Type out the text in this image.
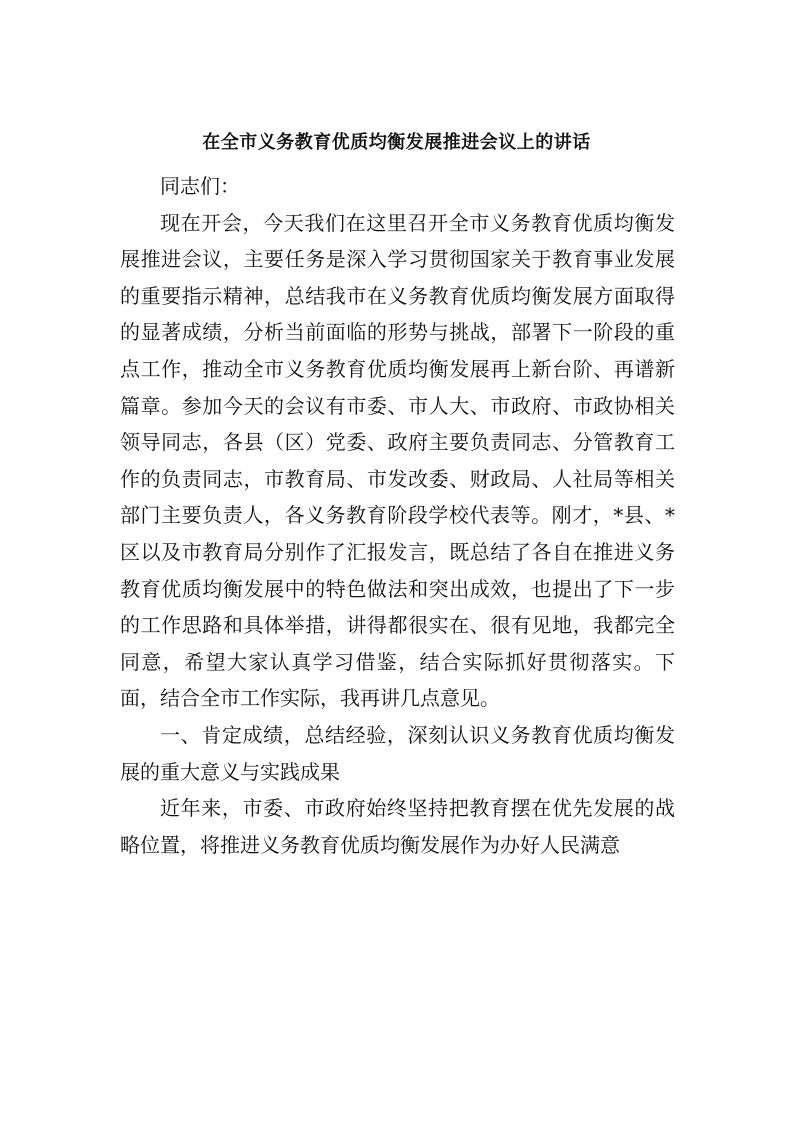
在全市义务教育优质均衡发展推进会议上的讲话

同志们：

现在开会，今天我们在这里召开全市义务教育优质均衡发展推进会议，主要任务是深入学习贯彻国家关于教育事业发展的重要指示精神，总结我市在义务教育优质均衡发展方面取得的显著成绩，分析当前面临的形势与挑战，部署下一阶段的重点工作，推动全市义务教育优质均衡发展再上新台阶、再谱新篇章。参加今天的会议有市委、市人大、市政府、市政协相关领导同志，各县（区）党委、政府主要负责同志、分管教育工作的负责同志，市教育局、市发改委、财政局、人社局等相关部门主要负责人，各义务教育阶段学校代表等。刚才，*县、*区以及市教育局分别作了汇报发言，既总结了各自在推进义务教育优质均衡发展中的特色做法和突出成效，也提出了下一步的工作思路和具体举措，讲得都很实在、很有见地，我都完全同意，希望大家认真学习借鉴，结合实际抓好贯彻落实。下面，结合全市工作实际，我再讲几点意见。

一、肯定成绩，总结经验，深刻认识义务教育优质均衡发展的重大意义与实践成果

近年来，市委、市政府始终坚持把教育摆在优先发展的战略位置，将推进义务教育优质均衡发展作为办好人民满意
